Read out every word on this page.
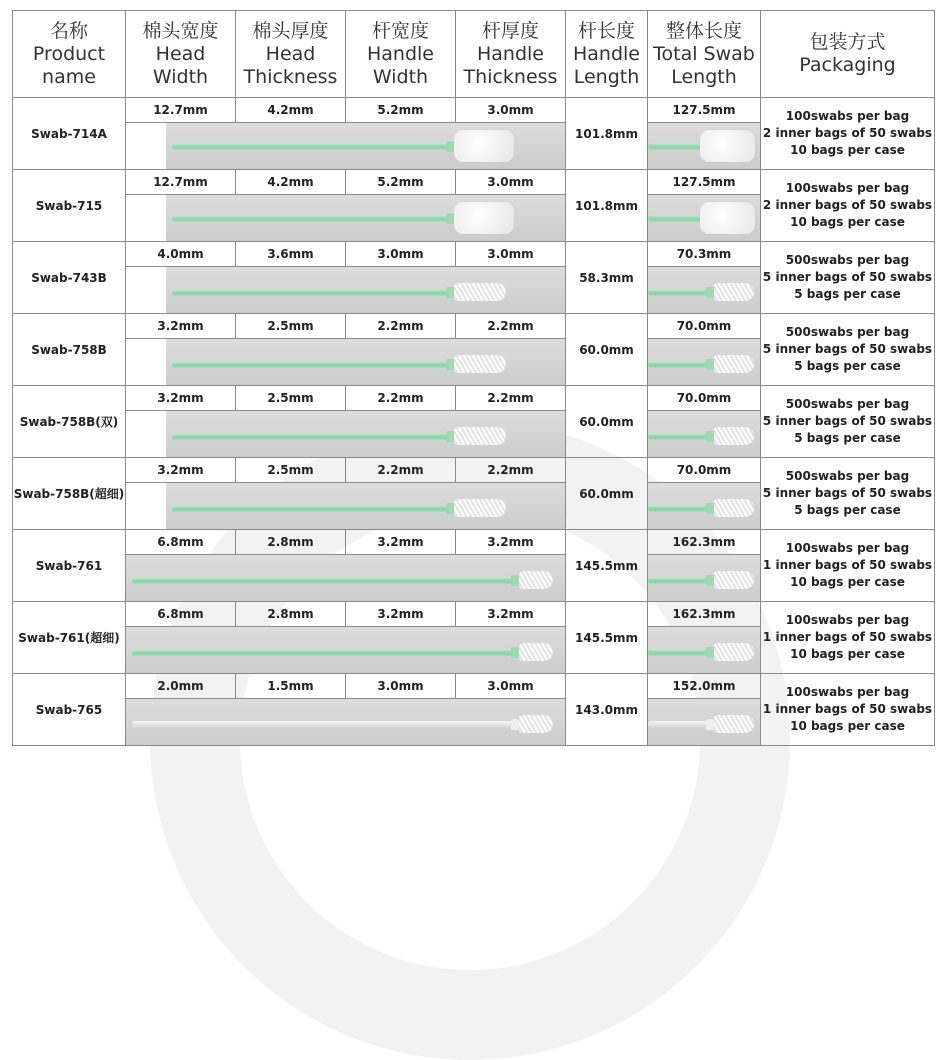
名称
Product
name	棉头宽度
Head
Width	棉头厚度
Head
Thickness	杆宽度
Handle
Width	杆厚度
Handle
Thickness	杆长度
Handle
Length	整体长度
Total Swab
Length	包装方式
Packaging

Swab-714A	12.7mm	4.2mm	5.2mm	3.0mm	101.8mm	127.5mm	100swabs per bag
2 inner bags of 50 swabs
10 bags per case

Swab-715	12.7mm	4.2mm	5.2mm	3.0mm	101.8mm	127.5mm	100swabs per bag
2 inner bags of 50 swabs
10 bags per case

Swab-743B	4.0mm	3.6mm	3.0mm	3.0mm	58.3mm	70.3mm	500swabs per bag
5 inner bags of 50 swabs
5 bags per case

Swab-758B	3.2mm	2.5mm	2.2mm	2.2mm	60.0mm	70.0mm	500swabs per bag
5 inner bags of 50 swabs
5 bags per case

Swab-758B(双)	3.2mm	2.5mm	2.2mm	2.2mm	60.0mm	70.0mm	500swabs per bag
5 inner bags of 50 swabs
5 bags per case

Swab-758B(超细)	3.2mm	2.5mm	2.2mm	2.2mm	60.0mm	70.0mm	500swabs per bag
5 inner bags of 50 swabs
5 bags per case

Swab-761	6.8mm	2.8mm	3.2mm	3.2mm	145.5mm	162.3mm	100swabs per bag
1 inner bags of 50 swabs
10 bags per case

Swab-761(超细)	6.8mm	2.8mm	3.2mm	3.2mm	145.5mm	162.3mm	100swabs per bag
1 inner bags of 50 swabs
10 bags per case

Swab-765	2.0mm	1.5mm	3.0mm	3.0mm	143.0mm	152.0mm	100swabs per bag
1 inner bags of 50 swabs
10 bags per case
